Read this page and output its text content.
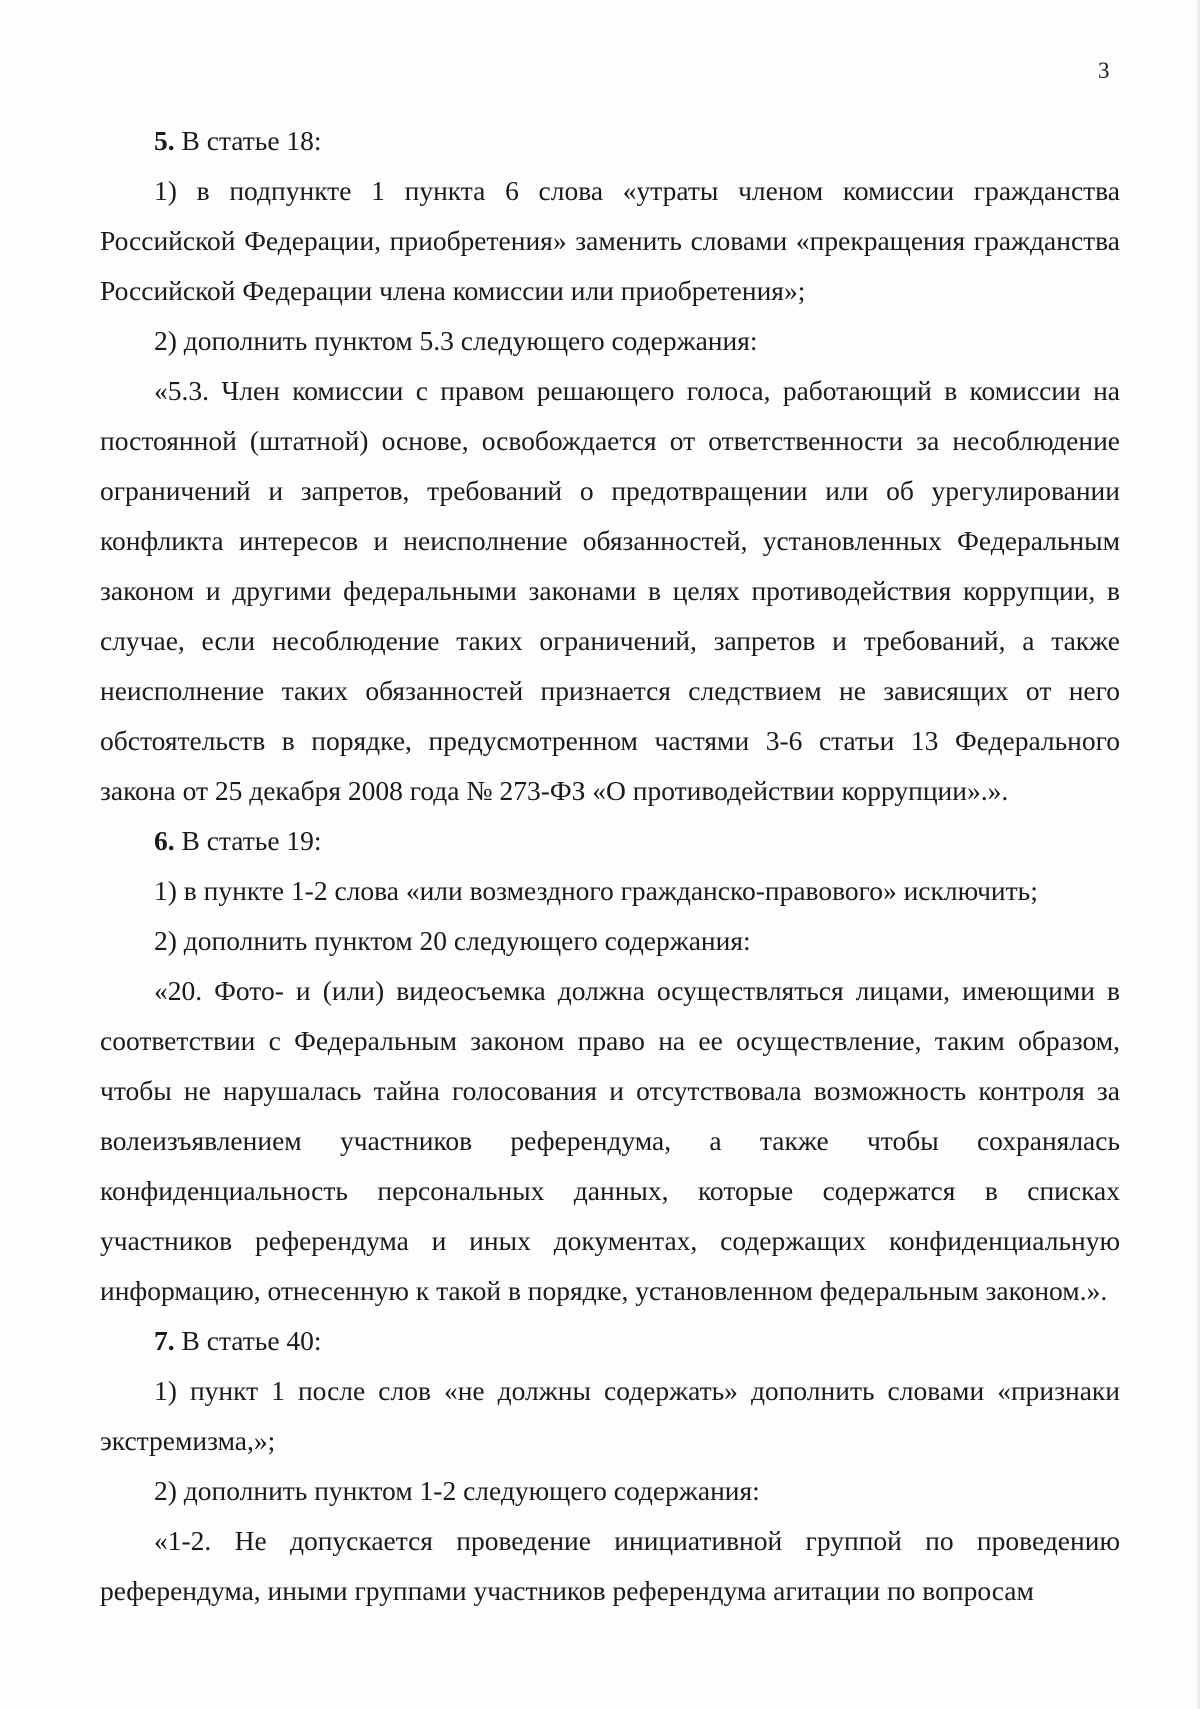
3

5. В статье 18:

1) в подпункте 1 пункта 6 слова «утраты членом комиссии гражданства Российской Федерации, приобретения» заменить словами «прекращения гражданства Российской Федерации члена комиссии или приобретения»;

2) дополнить пунктом 5.3 следующего содержания:

«5.3. Член комиссии с правом решающего голоса, работающий в комиссии на постоянной (штатной) основе, освобождается от ответственности за несоблюдение ограничений и запретов, требований о предотвращении или об урегулировании конфликта интересов и неисполнение обязанностей, установленных Федеральным законом и другими федеральными законами в целях противодействия коррупции, в случае, если несоблюдение таких ограничений, запретов и требований, а также неисполнение таких обязанностей признается следствием не зависящих от него обстоятельств в порядке, предусмотренном частями 3-6 статьи 13 Федерального закона от 25 декабря 2008 года № 273-ФЗ «О противодействии коррупции».».

6. В статье 19:

1) в пункте 1-2 слова «или возмездного гражданско-правового» исключить;

2) дополнить пунктом 20 следующего содержания:

«20. Фото- и (или) видеосъемка должна осуществляться лицами, имеющими в соответствии с Федеральным законом право на ее осуществление, таким образом, чтобы не нарушалась тайна голосования и отсутствовала возможность контроля за волеизъявлением участников референдума, а также чтобы сохранялась конфиденциальность персональных данных, которые содержатся в списках участников референдума и иных документах, содержащих конфиденциальную информацию, отнесенную к такой в порядке, установленном федеральным законом.».

7. В статье 40:

1) пункт 1 после слов «не должны содержать» дополнить словами «признаки экстремизма,»;

2) дополнить пунктом 1-2 следующего содержания:

«1-2. Не допускается проведение инициативной группой по проведению референдума, иными группами участников референдума агитации по вопросам
